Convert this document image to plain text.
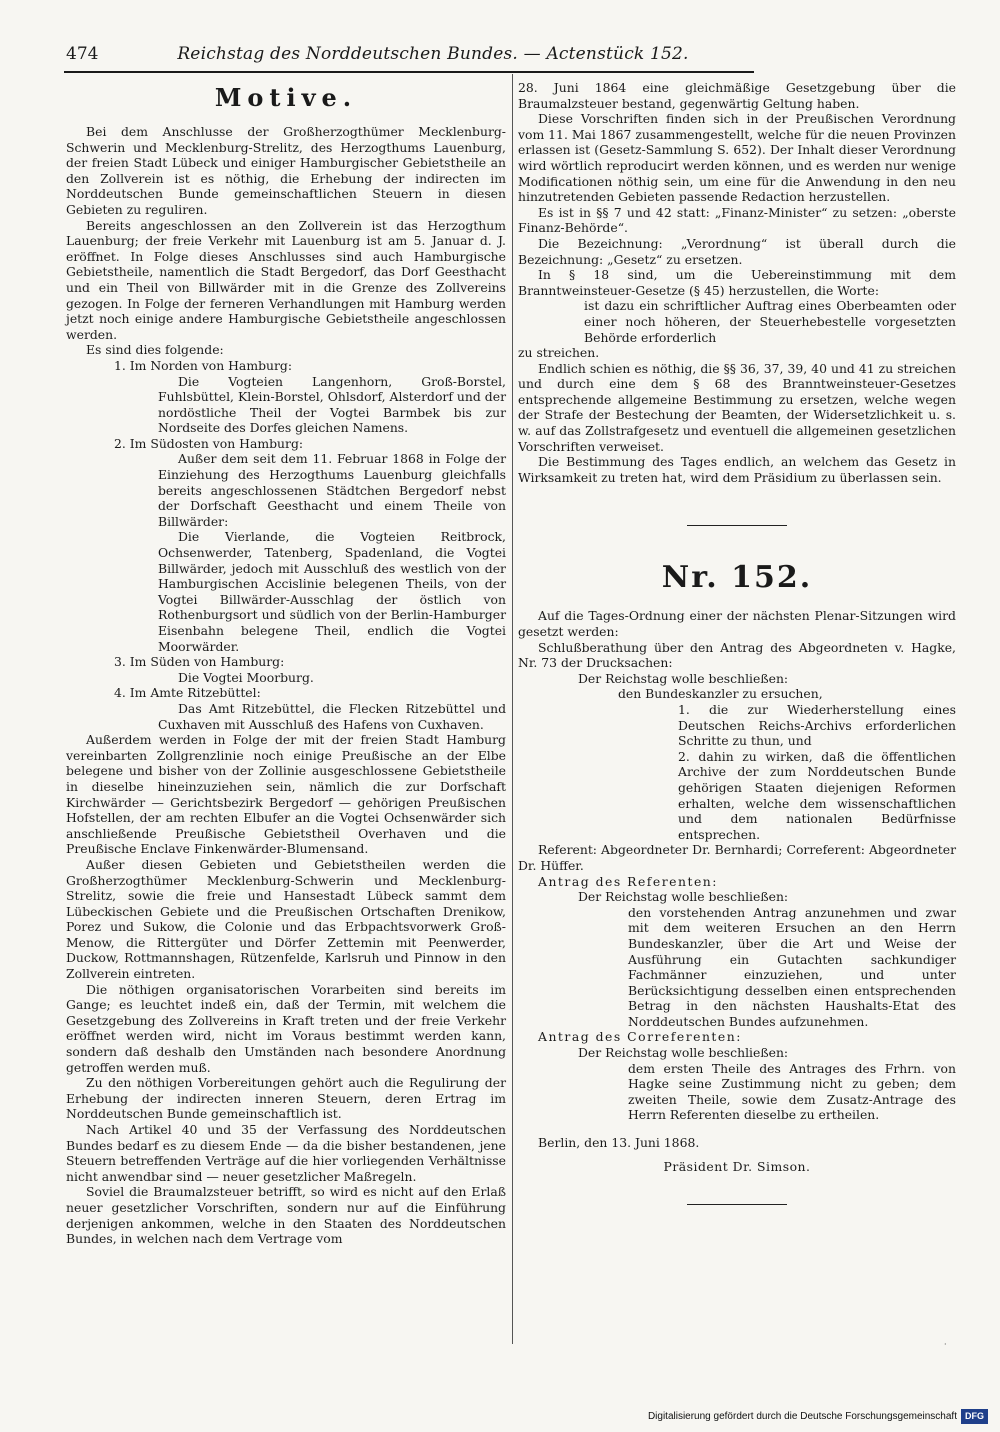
474	Reichstag des Norddeutschen Bundes. — Actenstück 152.

Motive.

Bei dem Anschlusse der Großherzogthümer Mecklenburg-Schwerin und Mecklenburg-Strelitz, des Herzogthums Lauenburg, der freien Stadt Lübeck und einiger Hamburgischer Gebietstheile an den Zollverein ist es nöthig, die Erhebung der indirecten im Norddeutschen Bunde gemeinschaftlichen Steuern in diesen Gebieten zu reguliren.

Bereits angeschlossen an den Zollverein ist das Herzogthum Lauenburg; der freie Verkehr mit Lauenburg ist am 5. Januar d. J. eröffnet. In Folge dieses Anschlusses sind auch Hamburgische Gebietstheile, namentlich die Stadt Bergedorf, das Dorf Geesthacht und ein Theil von Billwärder mit in die Grenze des Zollvereins gezogen. In Folge der ferneren Verhandlungen mit Hamburg werden jetzt noch einige andere Hamburgische Gebietstheile angeschlossen werden.

Es sind dies folgende:

1. Im Norden von Hamburg:

Die Vogteien Langenhorn, Groß-Borstel, Fuhlsbüttel, Klein-Borstel, Ohlsdorf, Alsterdorf und der nordöstliche Theil der Vogtei Barmbek bis zur Nordseite des Dorfes gleichen Namens.

2. Im Südosten von Hamburg:

Außer dem seit dem 11. Februar 1868 in Folge der Einziehung des Herzogthums Lauenburg gleichfalls bereits angeschlossenen Städtchen Bergedorf nebst der Dorfschaft Geesthacht und einem Theile von Billwärder:

Die Vierlande, die Vogteien Reitbrock, Ochsenwerder, Tatenberg, Spadenland, die Vogtei Billwärder, jedoch mit Ausschluß des westlich von der Hamburgischen Accislinie belegenen Theils, von der Vogtei Billwärder-Ausschlag der östlich von Rothenburgsort und südlich von der Berlin-Hamburger Eisenbahn belegene Theil, endlich die Vogtei Moorwärder.

3. Im Süden von Hamburg:

Die Vogtei Moorburg.

4. Im Amte Ritzebüttel:

Das Amt Ritzebüttel, die Flecken Ritzebüttel und Cuxhaven mit Ausschluß des Hafens von Cuxhaven.

Außerdem werden in Folge der mit der freien Stadt Hamburg vereinbarten Zollgrenzlinie noch einige Preußische an der Elbe belegene und bisher von der Zollinie ausgeschlossene Gebietstheile in dieselbe hineinzuziehen sein, nämlich die zur Dorfschaft Kirchwärder — Gerichtsbezirk Bergedorf — gehörigen Preußischen Hofstellen, der am rechten Elbufer an die Vogtei Ochsenwärder sich anschließende Preußische Gebietstheil Overhaven und die Preußische Enclave Finkenwärder-Blumensand.

Außer diesen Gebieten und Gebietstheilen werden die Großherzogthümer Mecklenburg-Schwerin und Mecklenburg-Strelitz, sowie die freie und Hansestadt Lübeck sammt dem Lübeckischen Gebiete und die Preußischen Ortschaften Drenikow, Porez und Sukow, die Colonie und das Erbpachtsvorwerk Groß-Menow, die Rittergüter und Dörfer Zettemin mit Peenwerder, Duckow, Rottmannshagen, Rützenfelde, Karlsruh und Pinnow in den Zollverein eintreten.

Die nöthigen organisatorischen Vorarbeiten sind bereits im Gange; es leuchtet indeß ein, daß der Termin, mit welchem die Gesetzgebung des Zollvereins in Kraft treten und der freie Verkehr eröffnet werden wird, nicht im Voraus bestimmt werden kann, sondern daß deshalb den Umständen nach besondere Anordnung getroffen werden muß.

Zu den nöthigen Vorbereitungen gehört auch die Regulirung der Erhebung der indirecten inneren Steuern, deren Ertrag im Norddeutschen Bunde gemeinschaftlich ist.

Nach Artikel 40 und 35 der Verfassung des Norddeutschen Bundes bedarf es zu diesem Ende — da die bisher bestandenen, jene Steuern betreffenden Verträge auf die hier vorliegenden Verhältnisse nicht anwendbar sind — neuer gesetzlicher Maßregeln.

Soviel die Braumalzsteuer betrifft, so wird es nicht auf den Erlaß neuer gesetzlicher Vorschriften, sondern nur auf die Einführung derjenigen ankommen, welche in den Staaten des Norddeutschen Bundes, in welchen nach dem Vertrage vom

28. Juni 1864 eine gleichmäßige Gesetzgebung über die Braumalzsteuer bestand, gegenwärtig Geltung haben.

Diese Vorschriften finden sich in der Preußischen Verordnung vom 11. Mai 1867 zusammengestellt, welche für die neuen Provinzen erlassen ist (Gesetz-Sammlung S. 652). Der Inhalt dieser Verordnung wird wörtlich reproducirt werden können, und es werden nur wenige Modificationen nöthig sein, um eine für die Anwendung in den neu hinzutretenden Gebieten passende Redaction herzustellen.

Es ist in §§ 7 und 42 statt: „Finanz-Minister“ zu setzen: „oberste Finanz-Behörde“.

Die Bezeichnung: „Verordnung“ ist überall durch die Bezeichnung: „Gesetz“ zu ersetzen.

In § 18 sind, um die Uebereinstimmung mit dem Branntweinsteuer-Gesetze (§ 45) herzustellen, die Worte:

ist dazu ein schriftlicher Auftrag eines Oberbeamten oder einer noch höheren, der Steuerhebestelle vorgesetzten Behörde erforderlich

zu streichen.

Endlich schien es nöthig, die §§ 36, 37, 39, 40 und 41 zu streichen und durch eine dem § 68 des Branntweinsteuer-Gesetzes entsprechende allgemeine Bestimmung zu ersetzen, welche wegen der Strafe der Bestechung der Beamten, der Widersetzlichkeit u. s. w. auf das Zollstrafgesetz und eventuell die allgemeinen gesetzlichen Vorschriften verweiset.

Die Bestimmung des Tages endlich, an welchem das Gesetz in Wirksamkeit zu treten hat, wird dem Präsidium zu überlassen sein.

Nr. 152.

Auf die Tages-Ordnung einer der nächsten Plenar-Sitzungen wird gesetzt werden:

Schlußberathung über den Antrag des Abgeordneten v. Hagke, Nr. 73 der Drucksachen:

Der Reichstag wolle beschließen:

den Bundeskanzler zu ersuchen,

1. die zur Wiederherstellung eines Deutschen Reichs-Archivs erforderlichen Schritte zu thun, und

2. dahin zu wirken, daß die öffentlichen Archive der zum Norddeutschen Bunde gehörigen Staaten diejenigen Reformen erhalten, welche dem wissenschaftlichen und dem nationalen Bedürfnisse entsprechen.

Referent: Abgeordneter Dr. Bernhardi; Correferent: Abgeordneter Dr. Hüffer.

Antrag des Referenten:

Der Reichstag wolle beschließen:

den vorstehenden Antrag anzunehmen und zwar mit dem weiteren Ersuchen an den Herrn Bundeskanzler, über die Art und Weise der Ausführung ein Gutachten sachkundiger Fachmänner einzuziehen, und unter Berücksichtigung desselben einen entsprechenden Betrag in den nächsten Haushalts-Etat des Norddeutschen Bundes aufzunehmen.

Antrag des Correferenten:

Der Reichstag wolle beschließen:

dem ersten Theile des Antrages des Frhrn. von Hagke seine Zustimmung nicht zu geben; dem zweiten Theile, sowie dem Zusatz-Antrage des Herrn Referenten dieselbe zu ertheilen.

Berlin, den 13. Juni 1868.

Präsident Dr. Simson.

·
Digitalisierung gefördert durch die Deutsche Forschungsgemeinschaft DFG
